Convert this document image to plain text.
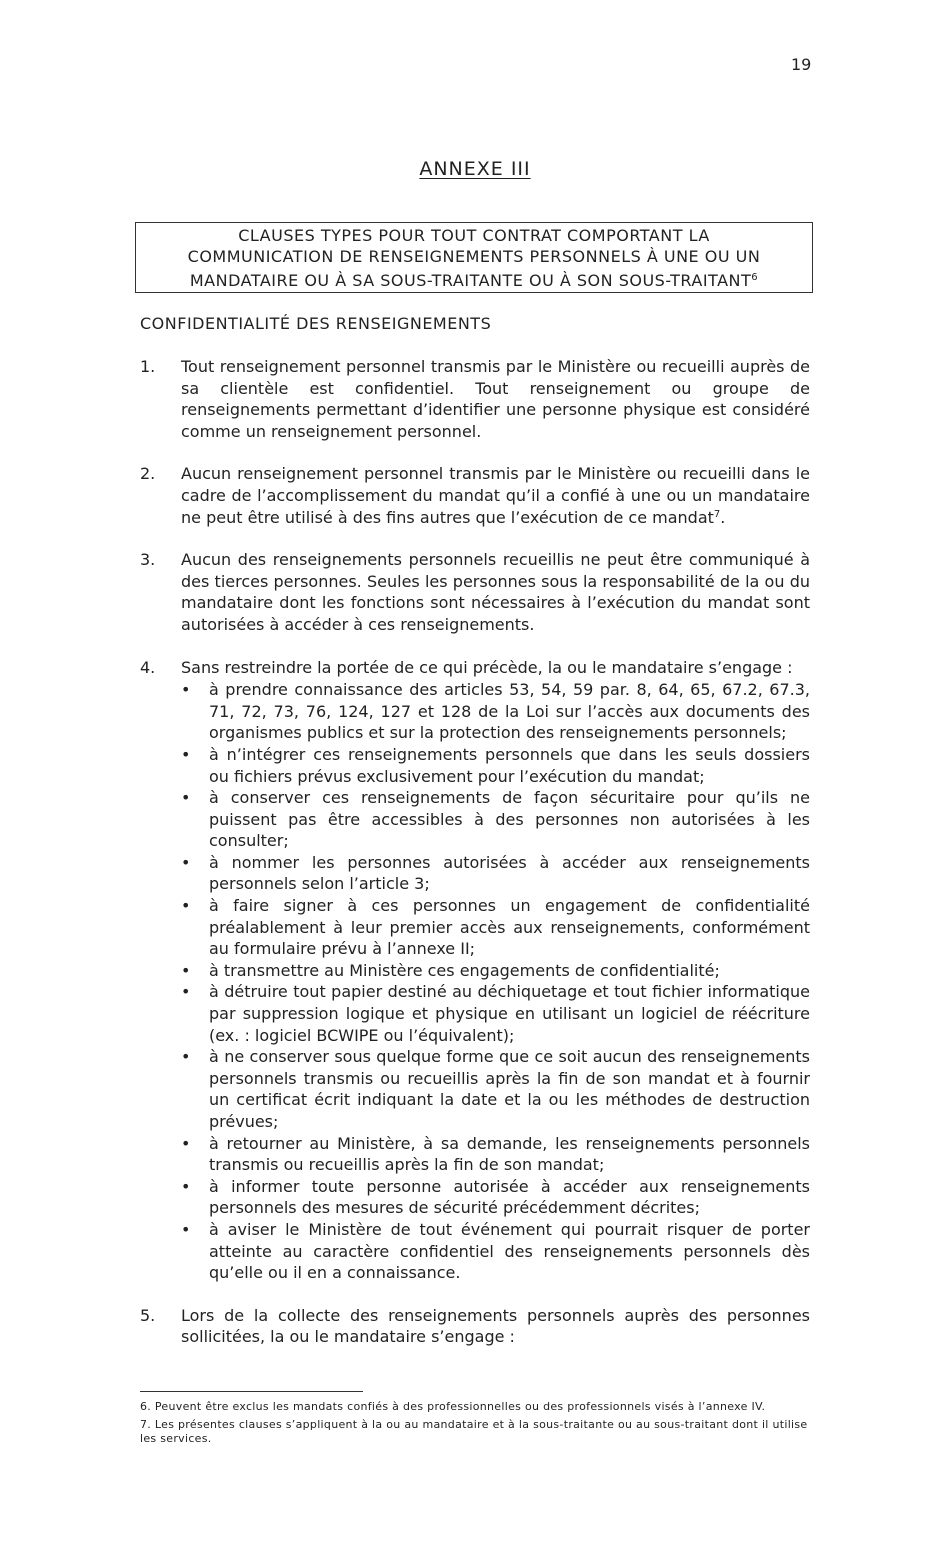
19
ANNEXE III
CLAUSES TYPES POUR TOUT CONTRAT COMPORTANT LA
COMMUNICATION DE RENSEIGNEMENTS PERSONNELS À UNE OU UN
MANDATAIRE OU À SA SOUS-TRAITANTE OU À SON SOUS-TRAITANT$^6$
CONFIDENTIALITÉ DES RENSEIGNEMENTS
1. Tout renseignement personnel transmis par le Ministère ou recueilli auprès de sa clientèle est confidentiel. Tout renseignement ou groupe de renseignements permettant d’identifier une personne physique est considéré comme un renseignement personnel.
2. Aucun renseignement personnel transmis par le Ministère ou recueilli dans le cadre de l’accomplissement du mandat qu’il a confié à une ou un mandataire ne peut être utilisé à des fins autres que l’exécution de ce mandat$^7$.
3. Aucun des renseignements personnels recueillis ne peut être communiqué à des tierces personnes. Seules les personnes sous la responsabilité de la ou du mandataire dont les fonctions sont nécessaires à l’exécution du mandat sont autorisées à accéder à ces renseignements.
4. Sans restreindre la portée de ce qui précède, la ou le mandataire s’engage :
• à prendre connaissance des articles 53, 54, 59 par. 8, 64, 65, 67.2, 67.3, 71, 72, 73, 76, 124, 127 et 128 de la Loi sur l’accès aux documents des organismes publics et sur la protection des renseignements personnels;
• à n’intégrer ces renseignements personnels que dans les seuls dossiers ou fichiers prévus exclusivement pour l’exécution du mandat;
• à conserver ces renseignements de façon sécuritaire pour qu’ils ne puissent pas être accessibles à des personnes non autorisées à les consulter;
• à nommer les personnes autorisées à accéder aux renseignements personnels selon l’article 3;
• à faire signer à ces personnes un engagement de confidentialité préalablement à leur premier accès aux renseignements, conformément au formulaire prévu à l’annexe II;
• à transmettre au Ministère ces engagements de confidentialité;
• à détruire tout papier destiné au déchiquetage et tout fichier informatique par suppression logique et physique en utilisant un logiciel de réécriture (ex. : logiciel BCWIPE ou l’équivalent);
• à ne conserver sous quelque forme que ce soit aucun des renseignements personnels transmis ou recueillis après la fin de son mandat et à fournir un certificat écrit indiquant la date et la ou les méthodes de destruction prévues;
• à retourner au Ministère, à sa demande, les renseignements personnels transmis ou recueillis après la fin de son mandat;
• à informer toute personne autorisée à accéder aux renseignements personnels des mesures de sécurité précédemment décrites;
• à aviser le Ministère de tout événement qui pourrait risquer de porter atteinte au caractère confidentiel des renseignements personnels dès qu’elle ou il en a connaissance.
5. Lors de la collecte des renseignements personnels auprès des personnes sollicitées, la ou le mandataire s’engage :
6. Peuvent être exclus les mandats confiés à des professionnelles ou des professionnels visés à l’annexe IV.
7. Les présentes clauses s’appliquent à la ou au mandataire et à la sous-traitante ou au sous-traitant dont il utilise les services.
